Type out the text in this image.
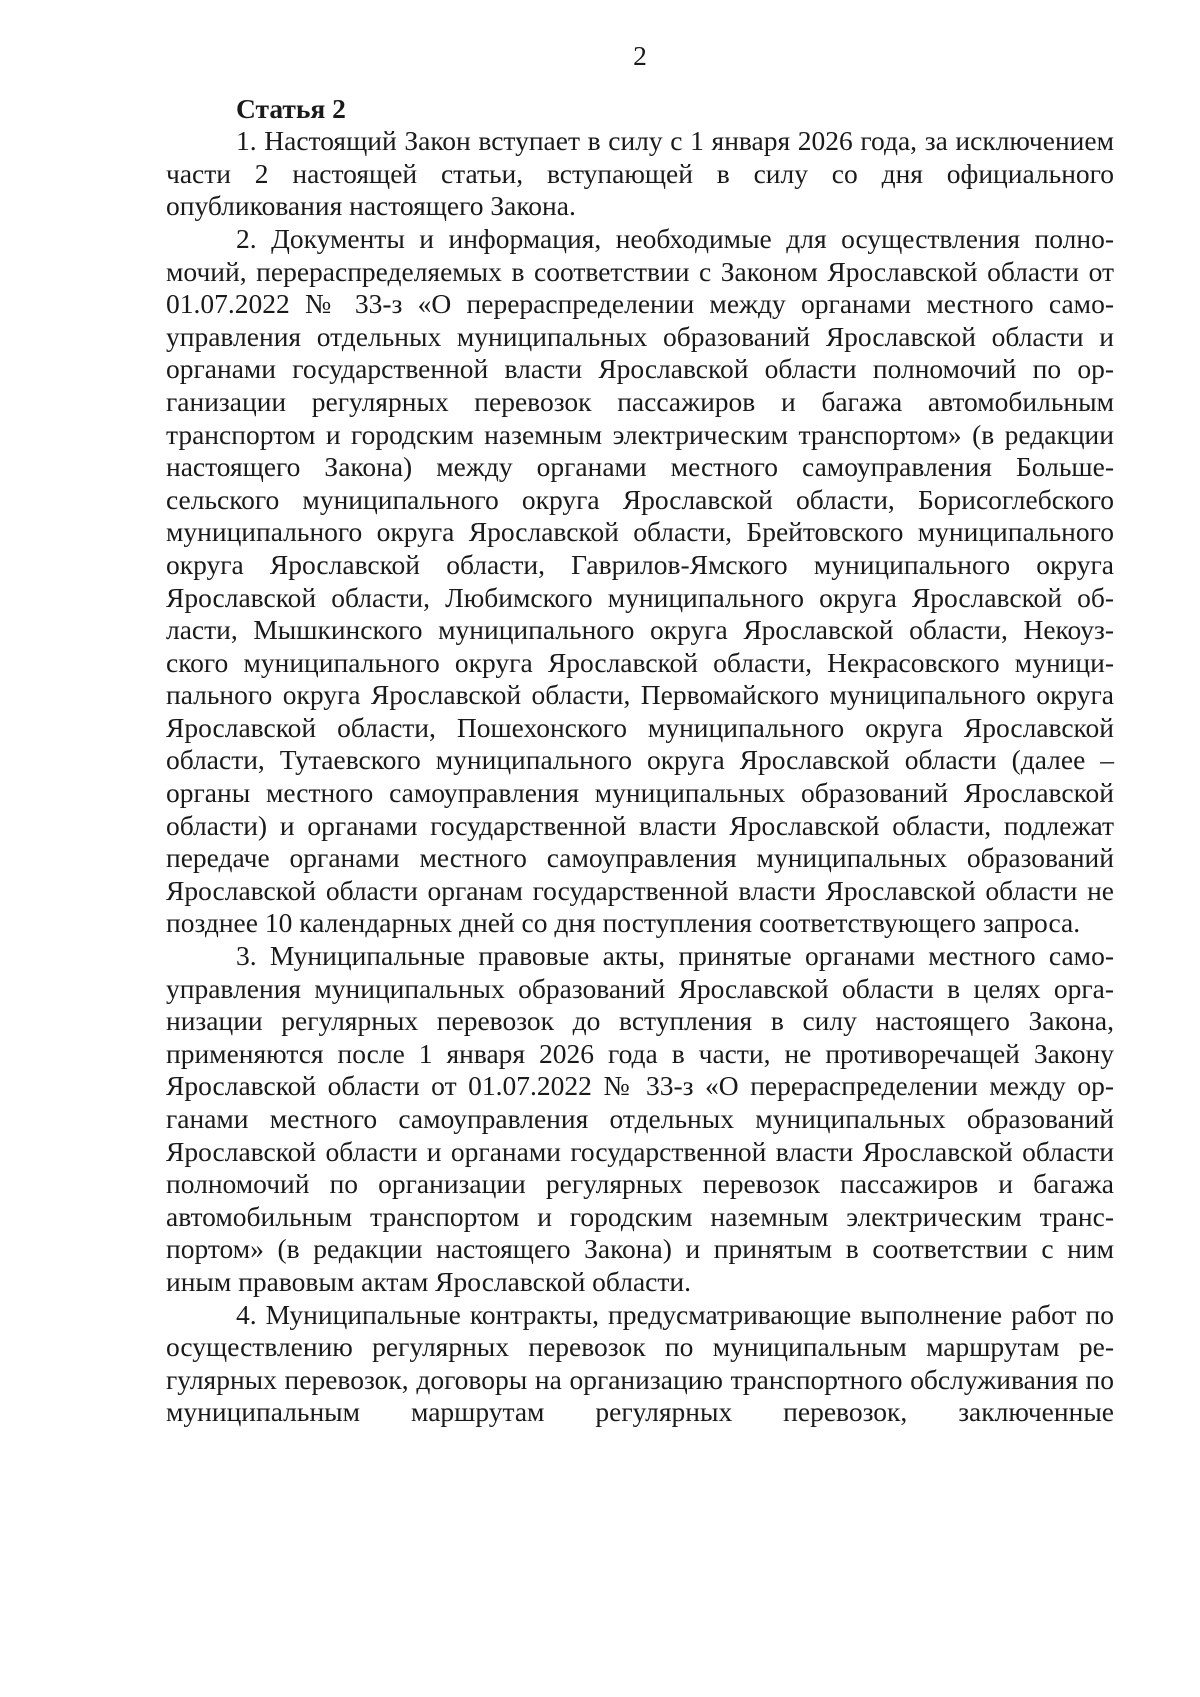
2
Статья 2

1. Настоящий Закон вступает в силу с 1 января 2026 года, за исключением части 2 настоящей статьи, вступающей в силу со дня официального опубликования настоящего Закона.

2. Документы и информация, необходимые для осуществления полномочий, перераспределяемых в соответствии с Законом Ярославской области от 01.07.2022 № 33-з «О перераспределении между органами местного самоуправления отдельных муниципальных образований Ярославской области и органами государственной власти Ярославской области полномочий по организации регулярных перевозок пассажиров и багажа автомобильным транспортом и городским наземным электрическим транспортом» (в редакции настоящего Закона) между органами местного самоуправления Большесельского муниципального округа Ярославской области, Борисоглебского муниципального округа Ярославской области, Брейтовского муниципального округа Ярославской области, Гаврилов-Ямского муниципального округа Ярославской области, Любимского муниципального округа Ярославской области, Мышкинского муниципального округа Ярославской области, Некоузского муниципального округа Ярославской области, Некрасовского муниципального округа Ярославской области, Первомайского муниципального округа Ярославской области, Пошехонского муниципального округа Ярославской области, Тутаевского муниципального округа Ярославской области (далее – органы местного самоуправления муниципальных образований Ярославской области) и органами государственной власти Ярославской области, подлежат передаче органами местного самоуправления муниципальных образований Ярославской области органам государственной власти Ярославской области не позднее 10 календарных дней со дня поступления соответствующего запроса.

3. Муниципальные правовые акты, принятые органами местного самоуправления муниципальных образований Ярославской области в целях организации регулярных перевозок до вступления в силу настоящего Закона, применяются после 1 января 2026 года в части, не противоречащей Закону Ярославской области от 01.07.2022 № 33-з «О перераспределении между органами местного самоуправления отдельных муниципальных образований Ярославской области и органами государственной власти Ярославской области полномочий по организации регулярных перевозок пассажиров и багажа автомобильным транспортом и городским наземным электрическим транспортом» (в редакции настоящего Закона) и принятым в соответствии с ним иным правовым актам Ярославской области.

4. Муниципальные контракты, предусматривающие выполнение работ по осуществлению регулярных перевозок по муниципальным маршрутам регулярных перевозок, договоры на организацию транспортного обслуживания по муниципальным маршрутам регулярных перевозок, заключенные
